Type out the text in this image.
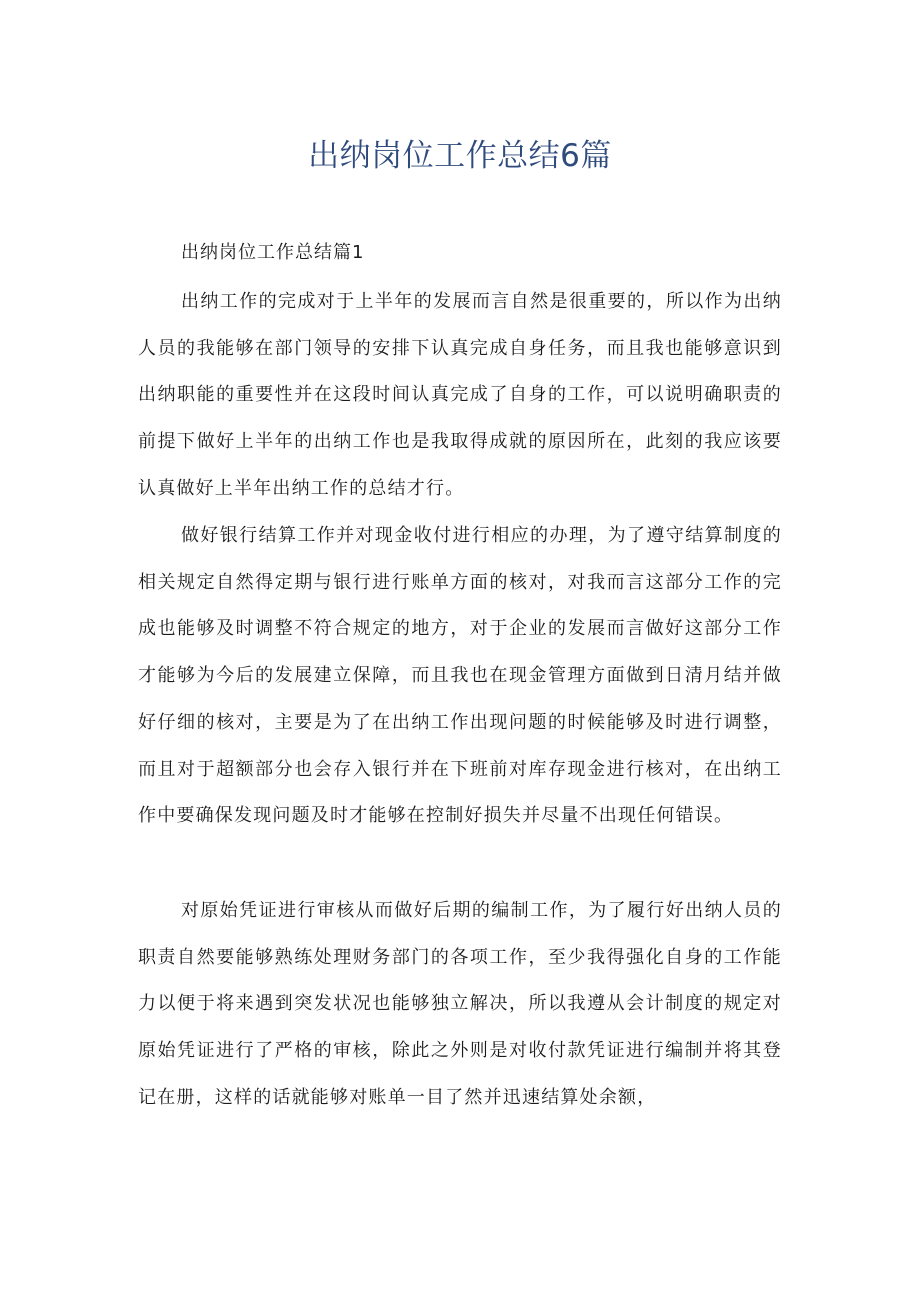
出纳岗位工作总结6篇
出纳岗位工作总结篇1

出纳工作的完成对于上半年的发展而言自然是很重要的，所以作为出纳人员的我能够在部门领导的安排下认真完成自身任务，而且我也能够意识到出纳职能的重要性并在这段时间认真完成了自身的工作，可以说明确职责的前提下做好上半年的出纳工作也是我取得成就的原因所在，此刻的我应该要认真做好上半年出纳工作的总结才行。

做好银行结算工作并对现金收付进行相应的办理，为了遵守结算制度的相关规定自然得定期与银行进行账单方面的核对，对我而言这部分工作的完成也能够及时调整不符合规定的地方，对于企业的发展而言做好这部分工作才能够为今后的发展建立保障，而且我也在现金管理方面做到日清月结并做好仔细的核对，主要是为了在出纳工作出现问题的时候能够及时进行调整，而且对于超额部分也会存入银行并在下班前对库存现金进行核对，在出纳工作中要确保发现问题及时才能够在控制好损失并尽量不出现任何错误。

对原始凭证进行审核从而做好后期的编制工作，为了履行好出纳人员的职责自然要能够熟练处理财务部门的各项工作，至少我得强化自身的工作能力以便于将来遇到突发状况也能够独立解决，所以我遵从会计制度的规定对原始凭证进行了严格的审核，除此之外则是对收付款凭证进行编制并将其登记在册，这样的话就能够对账单一目了然并迅速结算处余额，
